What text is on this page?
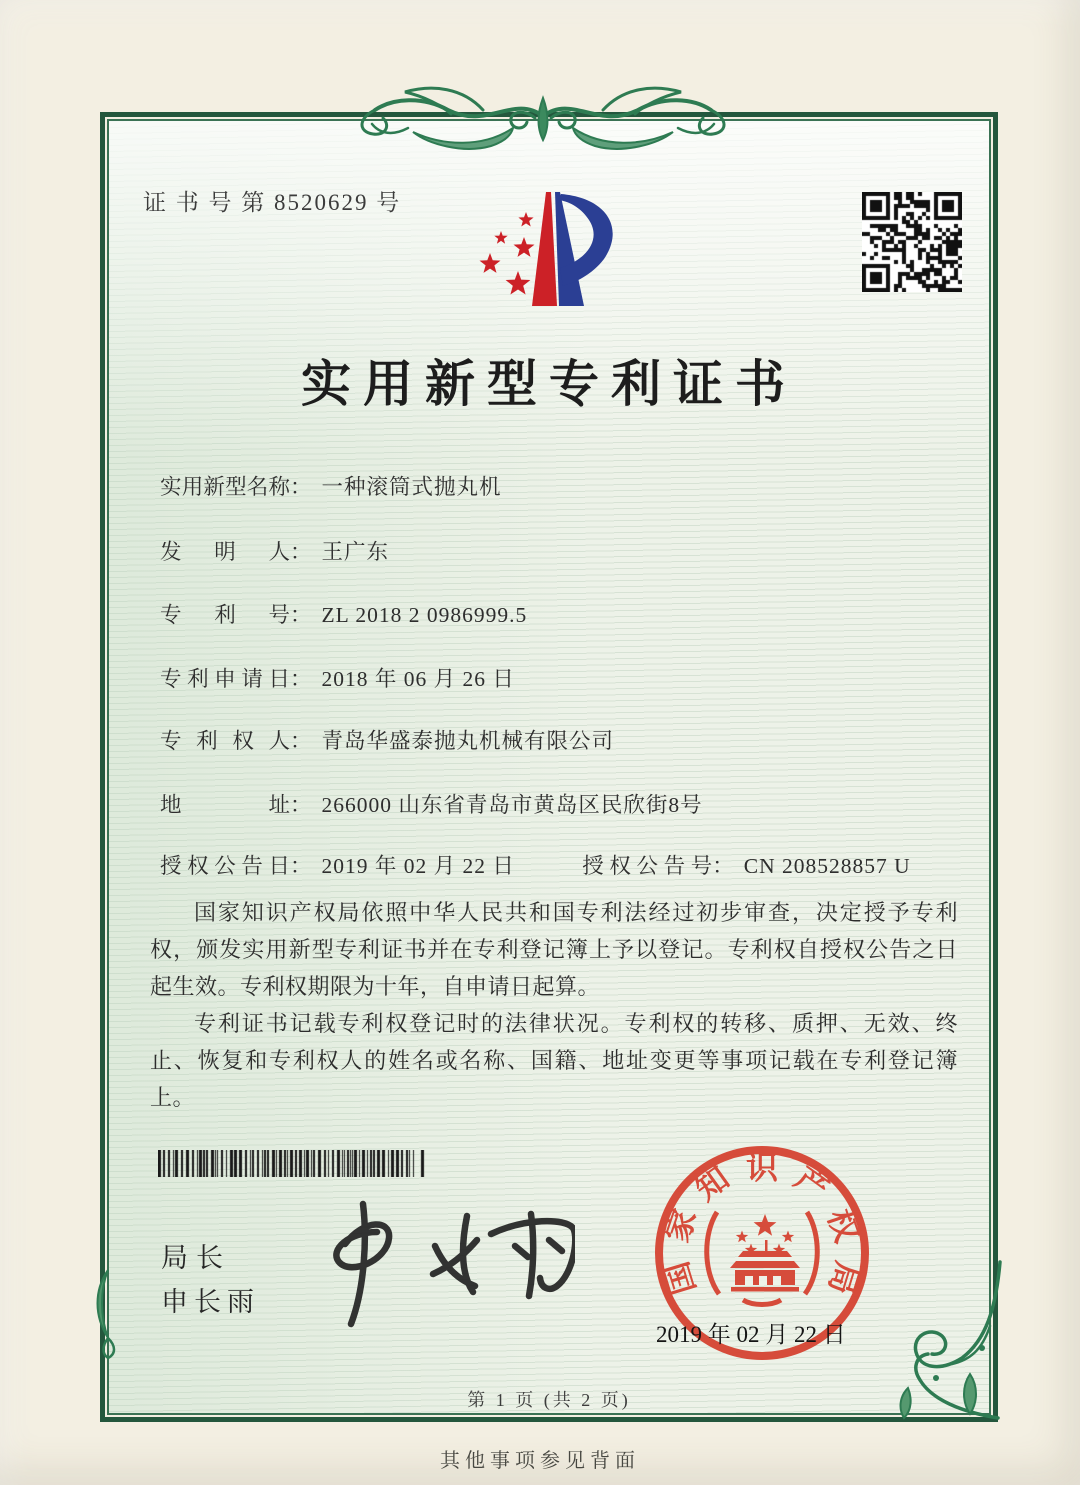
证 书 号 第 8520629 号
实用新型专利证书
实用新型名称： 一种滚筒式抛丸机
发　明　人： 王广东
专　利　号： ZL 2018 2 0986999.5
专利申请日： 2018 年 06 月 26 日
专 利 权 人： 青岛华盛泰抛丸机械有限公司
地　　　址： 266000 山东省青岛市黄岛区民欣街8号
授权公告日： 2019 年 02 月 22 日	授权公告号： CN 208528857 U

国家知识产权局依照中华人民共和国专利法经过初步审查，决定授予专利权，颁发实用新型专利证书并在专利登记簿上予以登记。专利权自授权公告之日起生效。专利权期限为十年，自申请日起算。

专利证书记载专利权登记时的法律状况。专利权的转移、质押、无效、终止、恢复和专利权人的姓名或名称、国籍、地址变更等事项记载在专利登记簿上。

局长
申长雨
国
家
知 识 产
权
局
2019 年 02 月 22 日
第 1 页 (共 2 页)
其他事项参见背面
